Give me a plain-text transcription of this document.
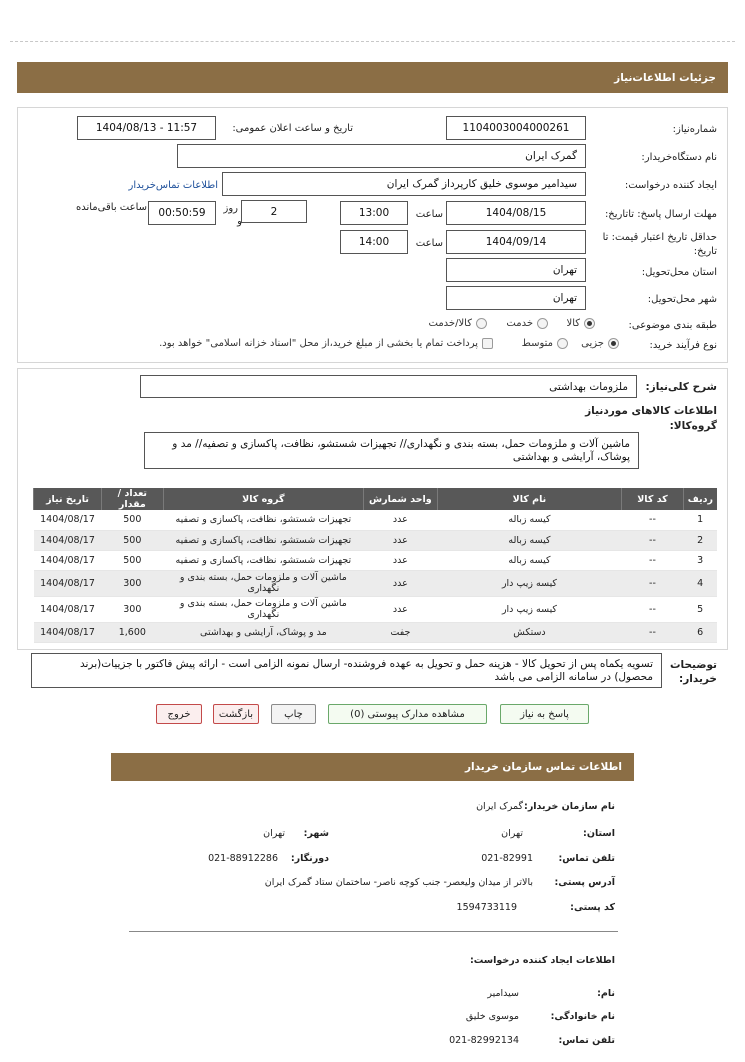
جزئیات اطلاعات‌نیاز
شماره‌نیاز:
1104003004000261
تاریخ و ساعت اعلان عمومی:
1404/08/13 - 11:57
نام دستگاه‌خریدار:
گمرک ایران
ایجاد کننده درخواست:
سیدامیر موسوی خلیق کارپرداز گمرک ایران
اطلاعات تماس‌خریدار
مهلت ارسال پاسخ: تاتاریخ:
1404/08/15
ساعت
13:00
2
روز
و
00:50:59
ساعت باقی‌مانده
حداقل تاریخ اعتبار قیمت: تا تاریخ:
1404/09/14
ساعت
14:00
استان محل‌تحویل:
تهران
شهر محل‌تحویل:
تهران
طبقه بندی موضوعی:
کالا
خدمت
کالا/خدمت
نوع فرآیند خرید:
جزیی
متوسط
پرداخت تمام یا بخشی از مبلغ خرید،از محل "اسناد خزانه اسلامی" خواهد بود.
شرح کلی‌نیاز:
ملزومات بهداشتی
اطلاعات کالاهای موردنیاز
گروه‌کالا:
ماشین آلات و ملزومات حمل، بسته بندی و نگهداری// تجهیزات شستشو، نظافت، پاکسازی و تصفیه// مد و پوشاک، آرایشی و بهداشتی
ردیف	کد کالا	نام کالا	واحد شمارش	گروه کالا	تعداد / مقدار	تاریخ نیاز
1	--	کیسه زباله	عدد	تجهیزات شستشو، نظافت، پاکسازی و تصفیه	500	1404/08/17
2	--	کیسه زباله	عدد	تجهیزات شستشو، نظافت، پاکسازی و تصفیه	500	1404/08/17
3	--	کیسه زباله	عدد	تجهیزات شستشو، نظافت، پاکسازی و تصفیه	500	1404/08/17
4	--	کیسه زیپ دار	عدد	ماشین آلات و ملزومات حمل، بسته بندی و نگهداری	300	1404/08/17
5	--	کیسه زیپ دار	عدد	ماشین آلات و ملزومات حمل، بسته بندی و نگهداری	300	1404/08/17
6	--	دستکش	جفت	مد و پوشاک، آرایشی و بهداشتی	1,600	1404/08/17
توضیحات خریدار:
تسویه یکماه پس از تحویل کالا - هزینه حمل و تحویل به عهده فروشنده- ارسال نمونه الزامی است - ارائه پیش فاکتور با جزییات(برند محصول) در سامانه الزامی می باشد
پاسخ به نیاز
مشاهده مدارک پیوستی (0)
چاپ
بازگشت
خروج
اطلاعات تماس سازمان خریدار
نام سازمان خریدار:
گمرک ایران
استان:
تهران
شهر:
تهران
تلفن تماس:
021-82991
دورنگار:
021-88912286
آدرس پستی:
بالاتر از میدان ولیعصر- جنب کوچه ناصر- ساختمان ستاد گمرک ایران
کد پستی:
1594733119
اطلاعات ایجاد کننده درخواست:
نام:
سیدامیر
نام خانوادگی:
موسوی خلیق
تلفن تماس:
021-82992134
